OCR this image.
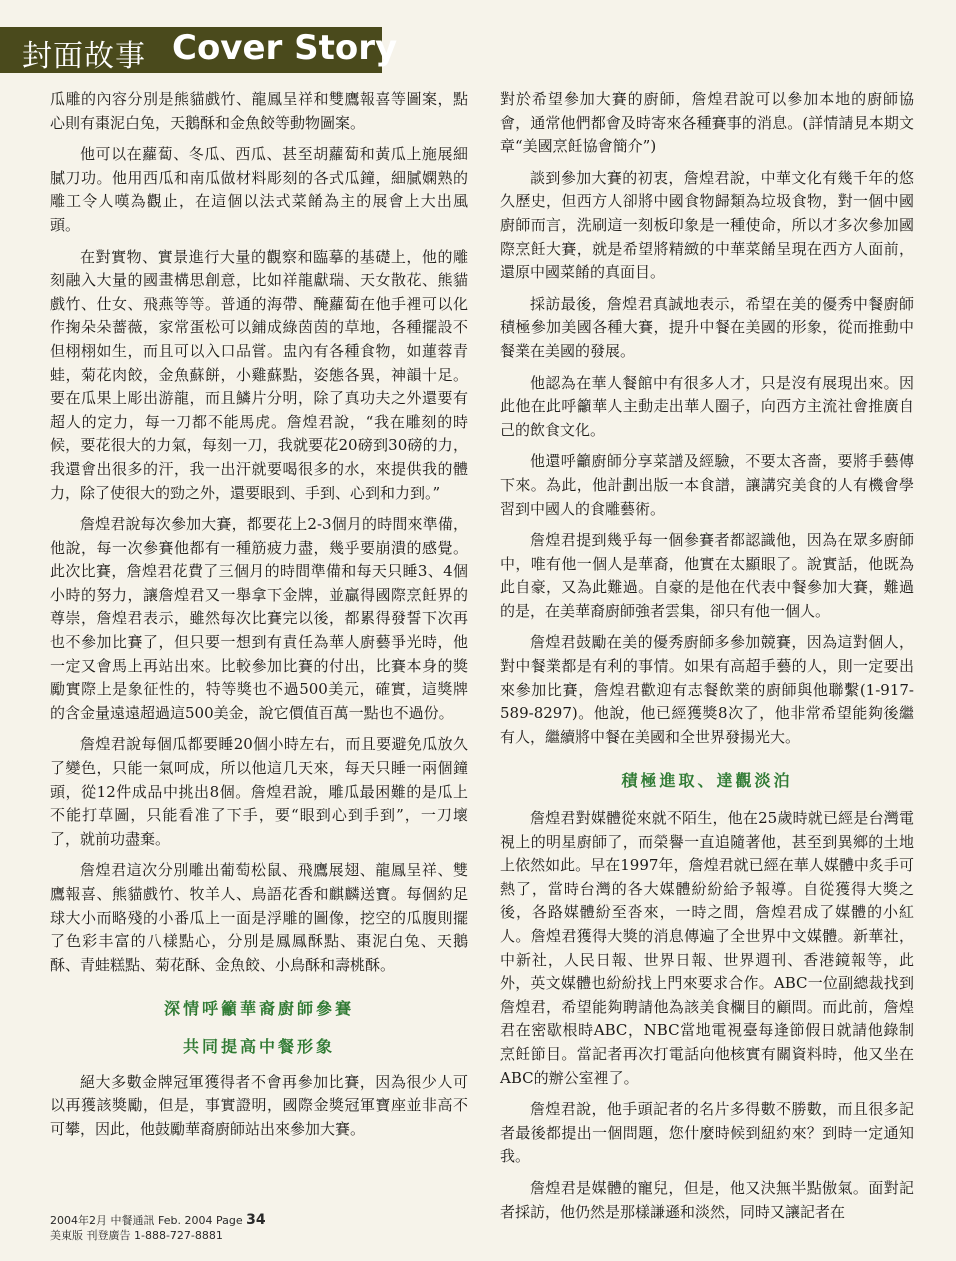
封面故事 Cover Story

瓜雕的內容分別是熊貓戲竹、龍鳳呈祥和雙鷹報喜等圖案，點心則有棗泥白兔，天鵝酥和金魚餃等動物圖案。

他可以在蘿蔔、冬瓜、西瓜、甚至胡蘿蔔和黃瓜上施展細膩刀功。他用西瓜和南瓜做材料彫刻的各式瓜鐘，細膩嫻熟的雕工令人嘆為觀止，在這個以法式菜餚為主的展會上大出風頭。

在對實物、實景進行大量的觀察和臨摹的基礎上，他的雕刻融入大量的國畫構思創意，比如祥龍獻瑞、天女散花、熊貓戲竹、仕女、飛燕等等。普通的海帶、醃蘿蔔在他手裡可以化作掬朵朵薔薇，家常蛋松可以鋪成綠茵茵的草地，各種擺設不但栩栩如生，而且可以入口品嘗。盅內有各種食物，如蓮蓉青蛙，菊花肉餃，金魚蘇餅，小雞蘇點，姿態各異，神韻十足。要在瓜果上彫出游龍，而且鱗片分明，除了真功夫之外還要有超人的定力，每一刀都不能馬虎。詹煌君說，“我在雕刻的時候，要花很大的力氣，每刻一刀，我就要花20磅到30磅的力，我還會出很多的汗，我一出汗就要喝很多的水，來提供我的體力，除了使很大的勁之外，還要眼到、手到、心到和力到。”

詹煌君說每次參加大賽，都要花上2-3個月的時間來準備，他說，每一次參賽他都有一種筋疲力盡，幾乎要崩潰的感覺。此次比賽，詹煌君花費了三個月的時間準備和每天只睡3、4個小時的努力，讓詹煌君又一舉拿下金牌，並贏得國際烹飪界的尊崇，詹煌君表示，雖然每次比賽完以後，都累得發誓下次再也不參加比賽了，但只要一想到有責任為華人廚藝爭光時，他一定又會馬上再站出來。比較參加比賽的付出，比賽本身的獎勵實際上是象征性的，特等獎也不過500美元，確實，這獎牌的含金量遠遠超過這500美金，說它價值百萬一點也不過份。

詹煌君說每個瓜都要睡20個小時左右，而且要避免瓜放久了變色，只能一氣呵成，所以他這几天來，每天只睡一兩個鐘頭，從12件成品中挑出8個。詹煌君說，雕瓜最困難的是瓜上不能打草圖，只能看准了下手，要“眼到心到手到”，一刀壞了，就前功盡棄。

詹煌君這次分別雕出葡萄松鼠、飛鷹展翅、龍鳳呈祥、雙鷹報喜、熊貓戲竹、牧羊人、鳥語花香和麒麟送寶。每個約足球大小而略殘的小番瓜上一面是浮雕的圖像，挖空的瓜腹則擺了色彩丰富的八樣點心，分別是鳳鳳酥點、棗泥白兔、天鵝酥、青蛙糕點、菊花酥、金魚餃、小鳥酥和壽桃酥。

深情呼籲華裔廚師參賽
共同提高中餐形象

絕大多數金牌冠軍獲得者不會再參加比賽，因為很少人可以再獲該獎勵，但是，事實證明，國際金獎冠軍寶座並非高不可攀，因此，他鼓勵華裔廚師站出來參加大賽。

對於希望參加大賽的廚師，詹煌君說可以參加本地的廚師協會，通常他們都會及時寄來各種賽事的消息。(詳情請見本期文章“美國烹飪協會簡介”)

談到參加大賽的初衷，詹煌君說，中華文化有幾千年的悠久歷史，但西方人卻將中國食物歸類為垃圾食物，對一個中國廚師而言，洗刷這一刻板印象是一種使命，所以才多次參加國際烹飪大賽，就是希望將精緻的中華菜餚呈現在西方人面前，還原中國菜餚的真面目。

採訪最後，詹煌君真誠地表示，希望在美的優秀中餐廚師積極參加美國各種大賽，提升中餐在美國的形象，從而推動中餐業在美國的發展。

他認為在華人餐館中有很多人才，只是沒有展現出來。因此他在此呼籲華人主動走出華人圈子，向西方主流社會推廣自己的飲食文化。

他還呼籲廚師分享菜譜及經驗，不要太吝嗇，要將手藝傳下來。為此，他計劃出版一本食譜，讓講究美食的人有機會學習到中國人的食雕藝術。

詹煌君提到幾乎每一個參賽者都認識他，因為在眾多廚師中，唯有他一個人是華裔，他實在太顯眼了。說實話，他既為此自豪，又為此難過。自豪的是他在代表中餐參加大賽，難過的是，在美華裔廚師強者雲集，卻只有他一個人。

詹煌君鼓勵在美的優秀廚師多參加競賽，因為這對個人，對中餐業都是有利的事情。如果有高超手藝的人，則一定要出來參加比賽，詹煌君歡迎有志餐飲業的廚師與他聯繫(1-917-589-8297)。他說，他已經獲獎8次了，他非常希望能夠後繼有人，繼續將中餐在美國和全世界發揚光大。

積極進取、達觀淡泊

詹煌君對媒體從來就不陌生，他在25歲時就已經是台灣電視上的明星廚師了，而榮譽一直追隨著他，甚至到異鄉的土地上依然如此。早在1997年，詹煌君就已經在華人媒體中炙手可熱了，當時台灣的各大媒體紛紛給予報導。自從獲得大獎之後，各路媒體紛至沓來，一時之間，詹煌君成了媒體的小紅人。詹煌君獲得大獎的消息傳遍了全世界中文媒體。新華社，中新社，人民日報、世界日報、世界週刊、香港鏡報等，此外，英文媒體也紛紛找上門來要求合作。ABC一位副總裁找到詹煌君，希望能夠聘請他為該美食欄目的顧問。而此前，詹煌君在密歇根時ABC，NBC當地電視臺每逢節假日就請他錄制烹飪節目。當記者再次打電話向他核實有關資料時，他又坐在ABC的辦公室裡了。

詹煌君說，他手頭記者的名片多得數不勝數，而且很多記者最後都提出一個問題，您什麼時候到紐約來？到時一定通知我。

詹煌君是媒體的寵兒，但是，他又決無半點傲氣。面對記者採訪，他仍然是那樣謙遜和淡然，同時又讓記者在

2004年2月 中餐通訊 Feb. 2004 Page 34
美東版 刊登廣告 1-888-727-8881
